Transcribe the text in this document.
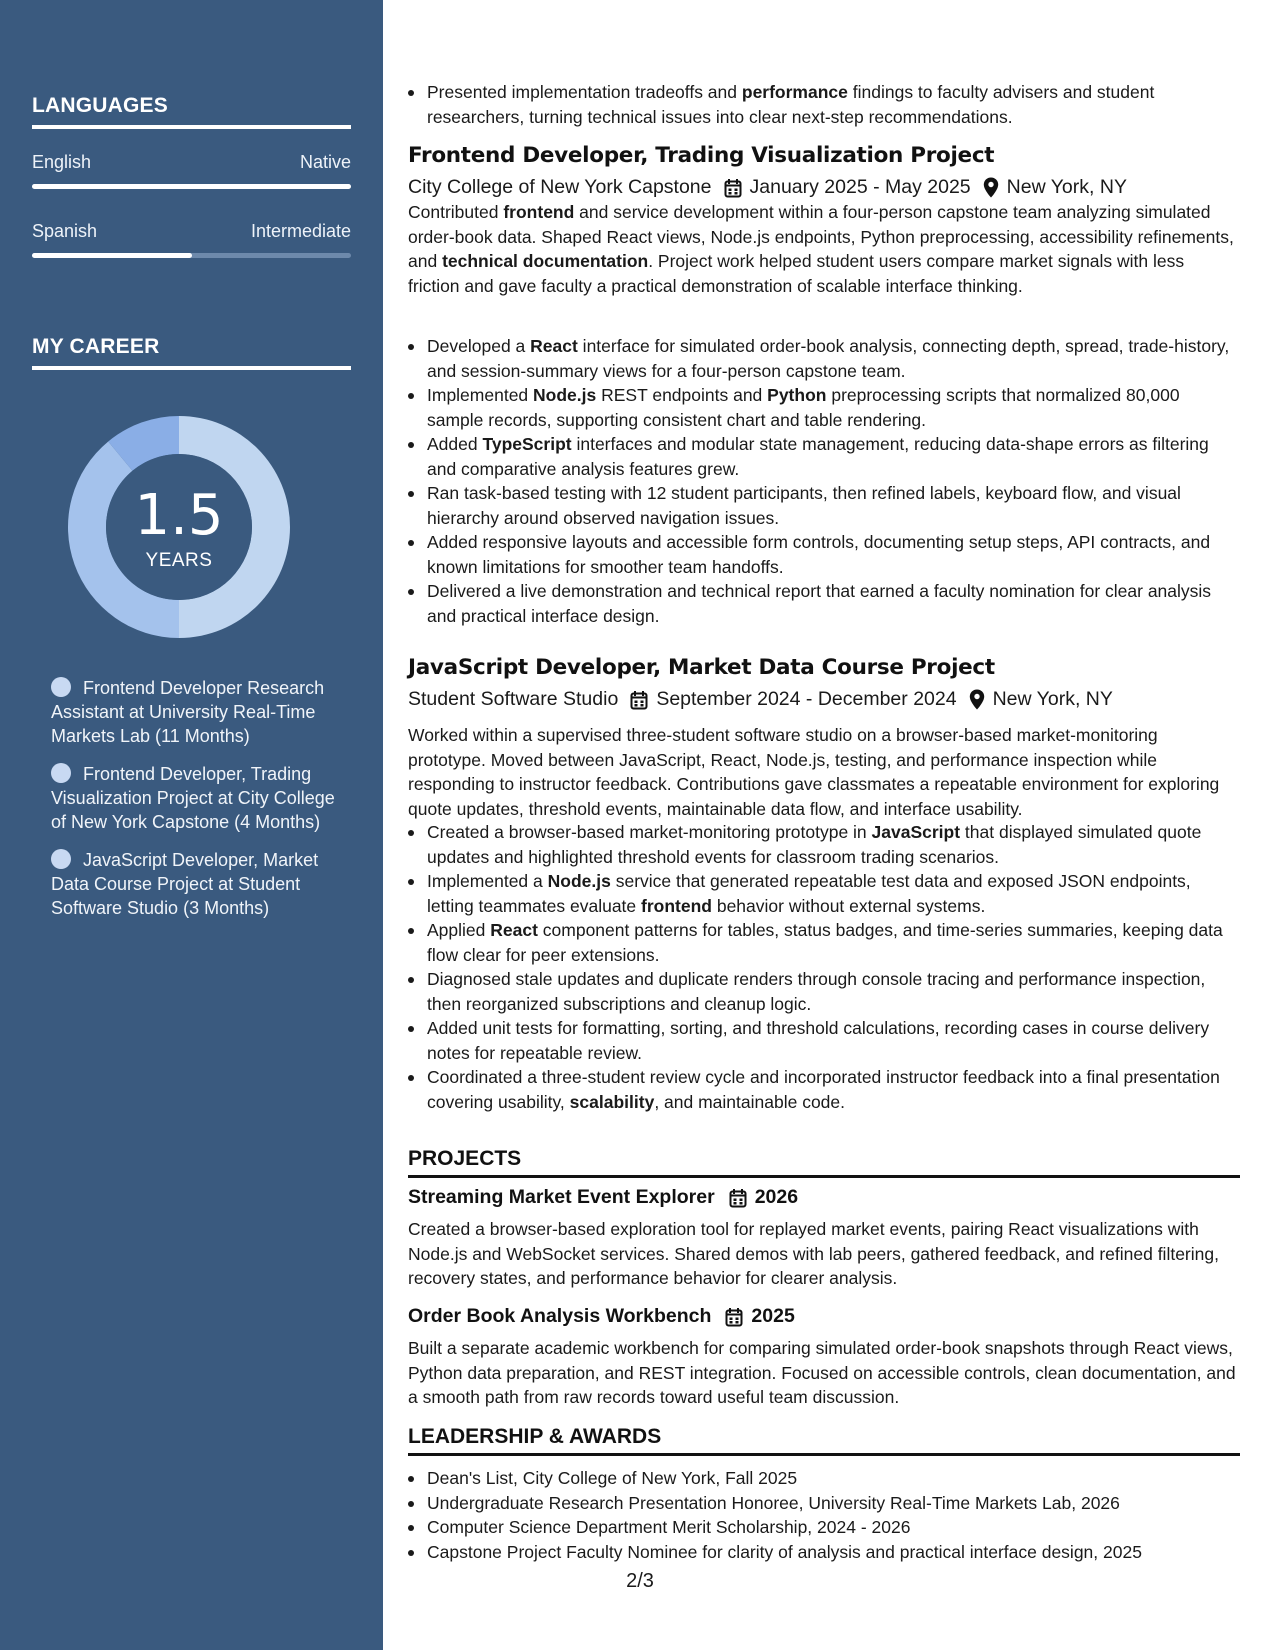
LANGUAGES
English	Native
Spanish	Intermediate
MY CAREER
1.5
YEARS
Frontend Developer Research Assistant at University Real-Time Markets Lab (11 Months)
Frontend Developer, Trading Visualization Project at City College of New York Capstone (4 Months)
JavaScript Developer, Market Data Course Project at Student Software Studio (3 Months)
Presented implementation tradeoffs and performance findings to faculty advisers and student researchers, turning technical issues into clear next-step recommendations.
Frontend Developer, Trading Visualization Project
City College of New York Capstone January 2025 - May 2025 New York, NY
Contributed frontend and service development within a four-person capstone team analyzing simulated order-book data. Shaped React views, Node.js endpoints, Python preprocessing, accessibility refinements, and technical documentation. Project work helped student users compare market signals with less friction and gave faculty a practical demonstration of scalable interface thinking.
Developed a React interface for simulated order-book analysis, connecting depth, spread, trade-history, and session-summary views for a four-person capstone team.
Implemented Node.js REST endpoints and Python preprocessing scripts that normalized 80,000 sample records, supporting consistent chart and table rendering.
Added TypeScript interfaces and modular state management, reducing data-shape errors as filtering and comparative analysis features grew.
Ran task-based testing with 12 student participants, then refined labels, keyboard flow, and visual hierarchy around observed navigation issues.
Added responsive layouts and accessible form controls, documenting setup steps, API contracts, and known limitations for smoother team handoffs.
Delivered a live demonstration and technical report that earned a faculty nomination for clear analysis and practical interface design.
JavaScript Developer, Market Data Course Project
Student Software Studio September 2024 - December 2024 New York, NY
Worked within a supervised three-student software studio on a browser-based market-monitoring prototype. Moved between JavaScript, React, Node.js, testing, and performance inspection while responding to instructor feedback. Contributions gave classmates a repeatable environment for exploring quote updates, threshold events, maintainable data flow, and interface usability.
Created a browser-based market-monitoring prototype in JavaScript that displayed simulated quote updates and highlighted threshold events for classroom trading scenarios.
Implemented a Node.js service that generated repeatable test data and exposed JSON endpoints, letting teammates evaluate frontend behavior without external systems.
Applied React component patterns for tables, status badges, and time-series summaries, keeping data flow clear for peer extensions.
Diagnosed stale updates and duplicate renders through console tracing and performance inspection, then reorganized subscriptions and cleanup logic.
Added unit tests for formatting, sorting, and threshold calculations, recording cases in course delivery notes for repeatable review.
Coordinated a three-student review cycle and incorporated instructor feedback into a final presentation covering usability, scalability, and maintainable code.
PROJECTS
Streaming Market Event Explorer 2026
Created a browser-based exploration tool for replayed market events, pairing React visualizations with Node.js and WebSocket services. Shared demos with lab peers, gathered feedback, and refined filtering, recovery states, and performance behavior for clearer analysis.
Order Book Analysis Workbench 2025
Built a separate academic workbench for comparing simulated order-book snapshots through React views, Python data preparation, and REST integration. Focused on accessible controls, clean documentation, and a smooth path from raw records toward useful team discussion.
LEADERSHIP & AWARDS
Dean's List, City College of New York, Fall 2025
Undergraduate Research Presentation Honoree, University Real-Time Markets Lab, 2026
Computer Science Department Merit Scholarship, 2024 - 2026
Capstone Project Faculty Nominee for clarity of analysis and practical interface design, 2025
2/3
